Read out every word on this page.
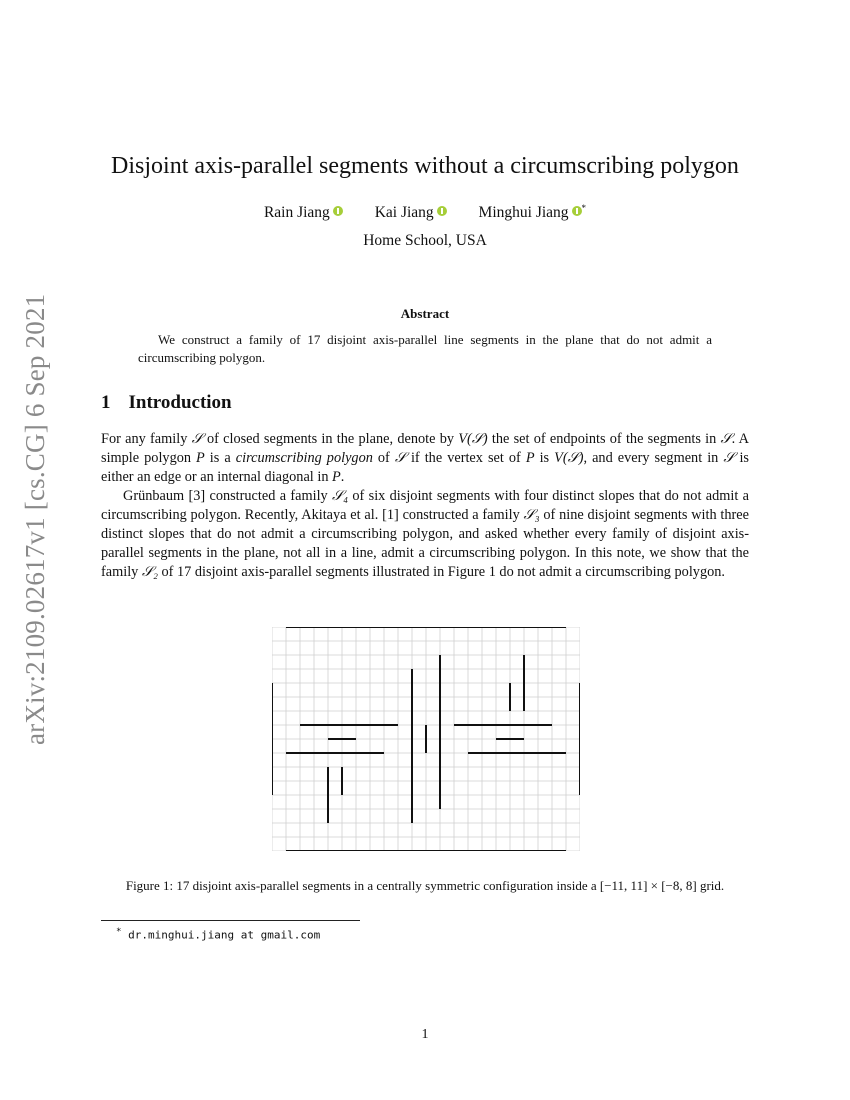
arXiv:2109.02617v1 [cs.CG] 6 Sep 2021
Disjoint axis-parallel segments without a circumscribing polygon
Rain Jiang	Kai Jiang	Minghui Jiang *
Home School, USA
Abstract
We construct a family of 17 disjoint axis-parallel line segments in the plane that do not admit a circumscribing polygon.
1 Introduction
For any family 𝒮 of closed segments in the plane, denote by V(𝒮) the set of endpoints of the segments in 𝒮. A simple polygon P is a circumscribing polygon of 𝒮 if the vertex set of P is V(𝒮), and every segment in 𝒮 is either an edge or an internal diagonal in P.
Grünbaum [3] constructed a family 𝒮₄ of six disjoint segments with four distinct slopes that do not admit a circumscribing polygon. Recently, Akitaya et al. [1] constructed a family 𝒮₃ of nine disjoint segments with three distinct slopes that do not admit a circumscribing polygon, and asked whether every family of disjoint axis-parallel segments in the plane, not all in a line, admit a circumscribing polygon. In this note, we show that the family 𝒮₂ of 17 disjoint axis-parallel segments illustrated in Figure 1 do not admit a circumscribing polygon.
Figure 1: 17 disjoint axis-parallel segments in a centrally symmetric configuration inside a [−11, 11] × [−8, 8] grid.
* dr.minghui.jiang at gmail.com
1
